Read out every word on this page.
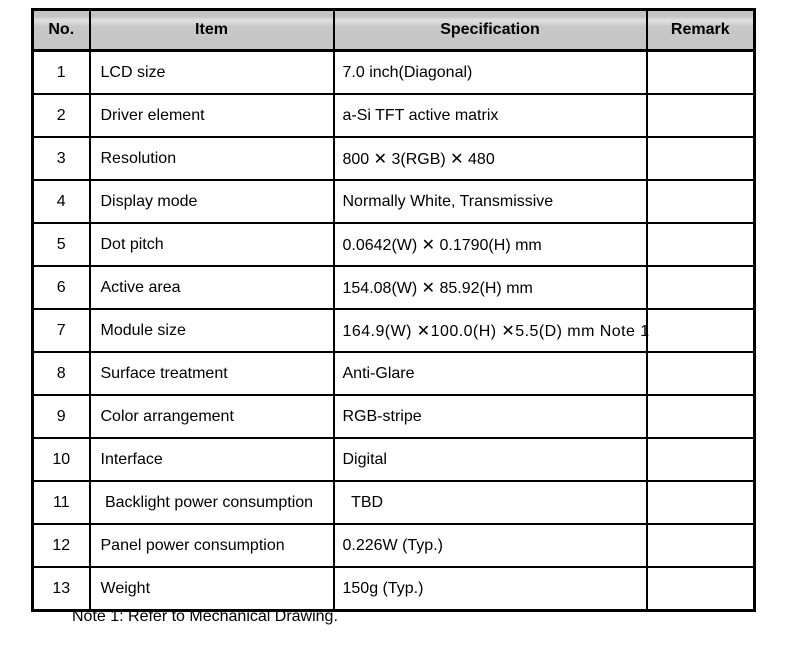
No.	Item	Specification	Remark
1	LCD size	7.0 inch(Diagonal)	
2	Driver element	a-Si TFT active matrix	
3	Resolution	800 ✕ 3(RGB) ✕ 480	
4	Display mode	Normally White, Transmissive	
5	Dot pitch	0.0642(W) ✕ 0.1790(H) mm	
6	Active area	154.08(W) ✕ 85.92(H) mm	
7	Module size	164.9(W) ✕100.0(H) ✕5.5(D) mm Note 1	
8	Surface treatment	Anti-Glare	
9	Color arrangement	RGB-stripe	
10	Interface	Digital	
11	Backlight power consumption	TBD	
12	Panel power consumption	0.226W (Typ.)	
13	Weight	150g (Typ.)	
Note 1: Refer to Mechanical Drawing.
